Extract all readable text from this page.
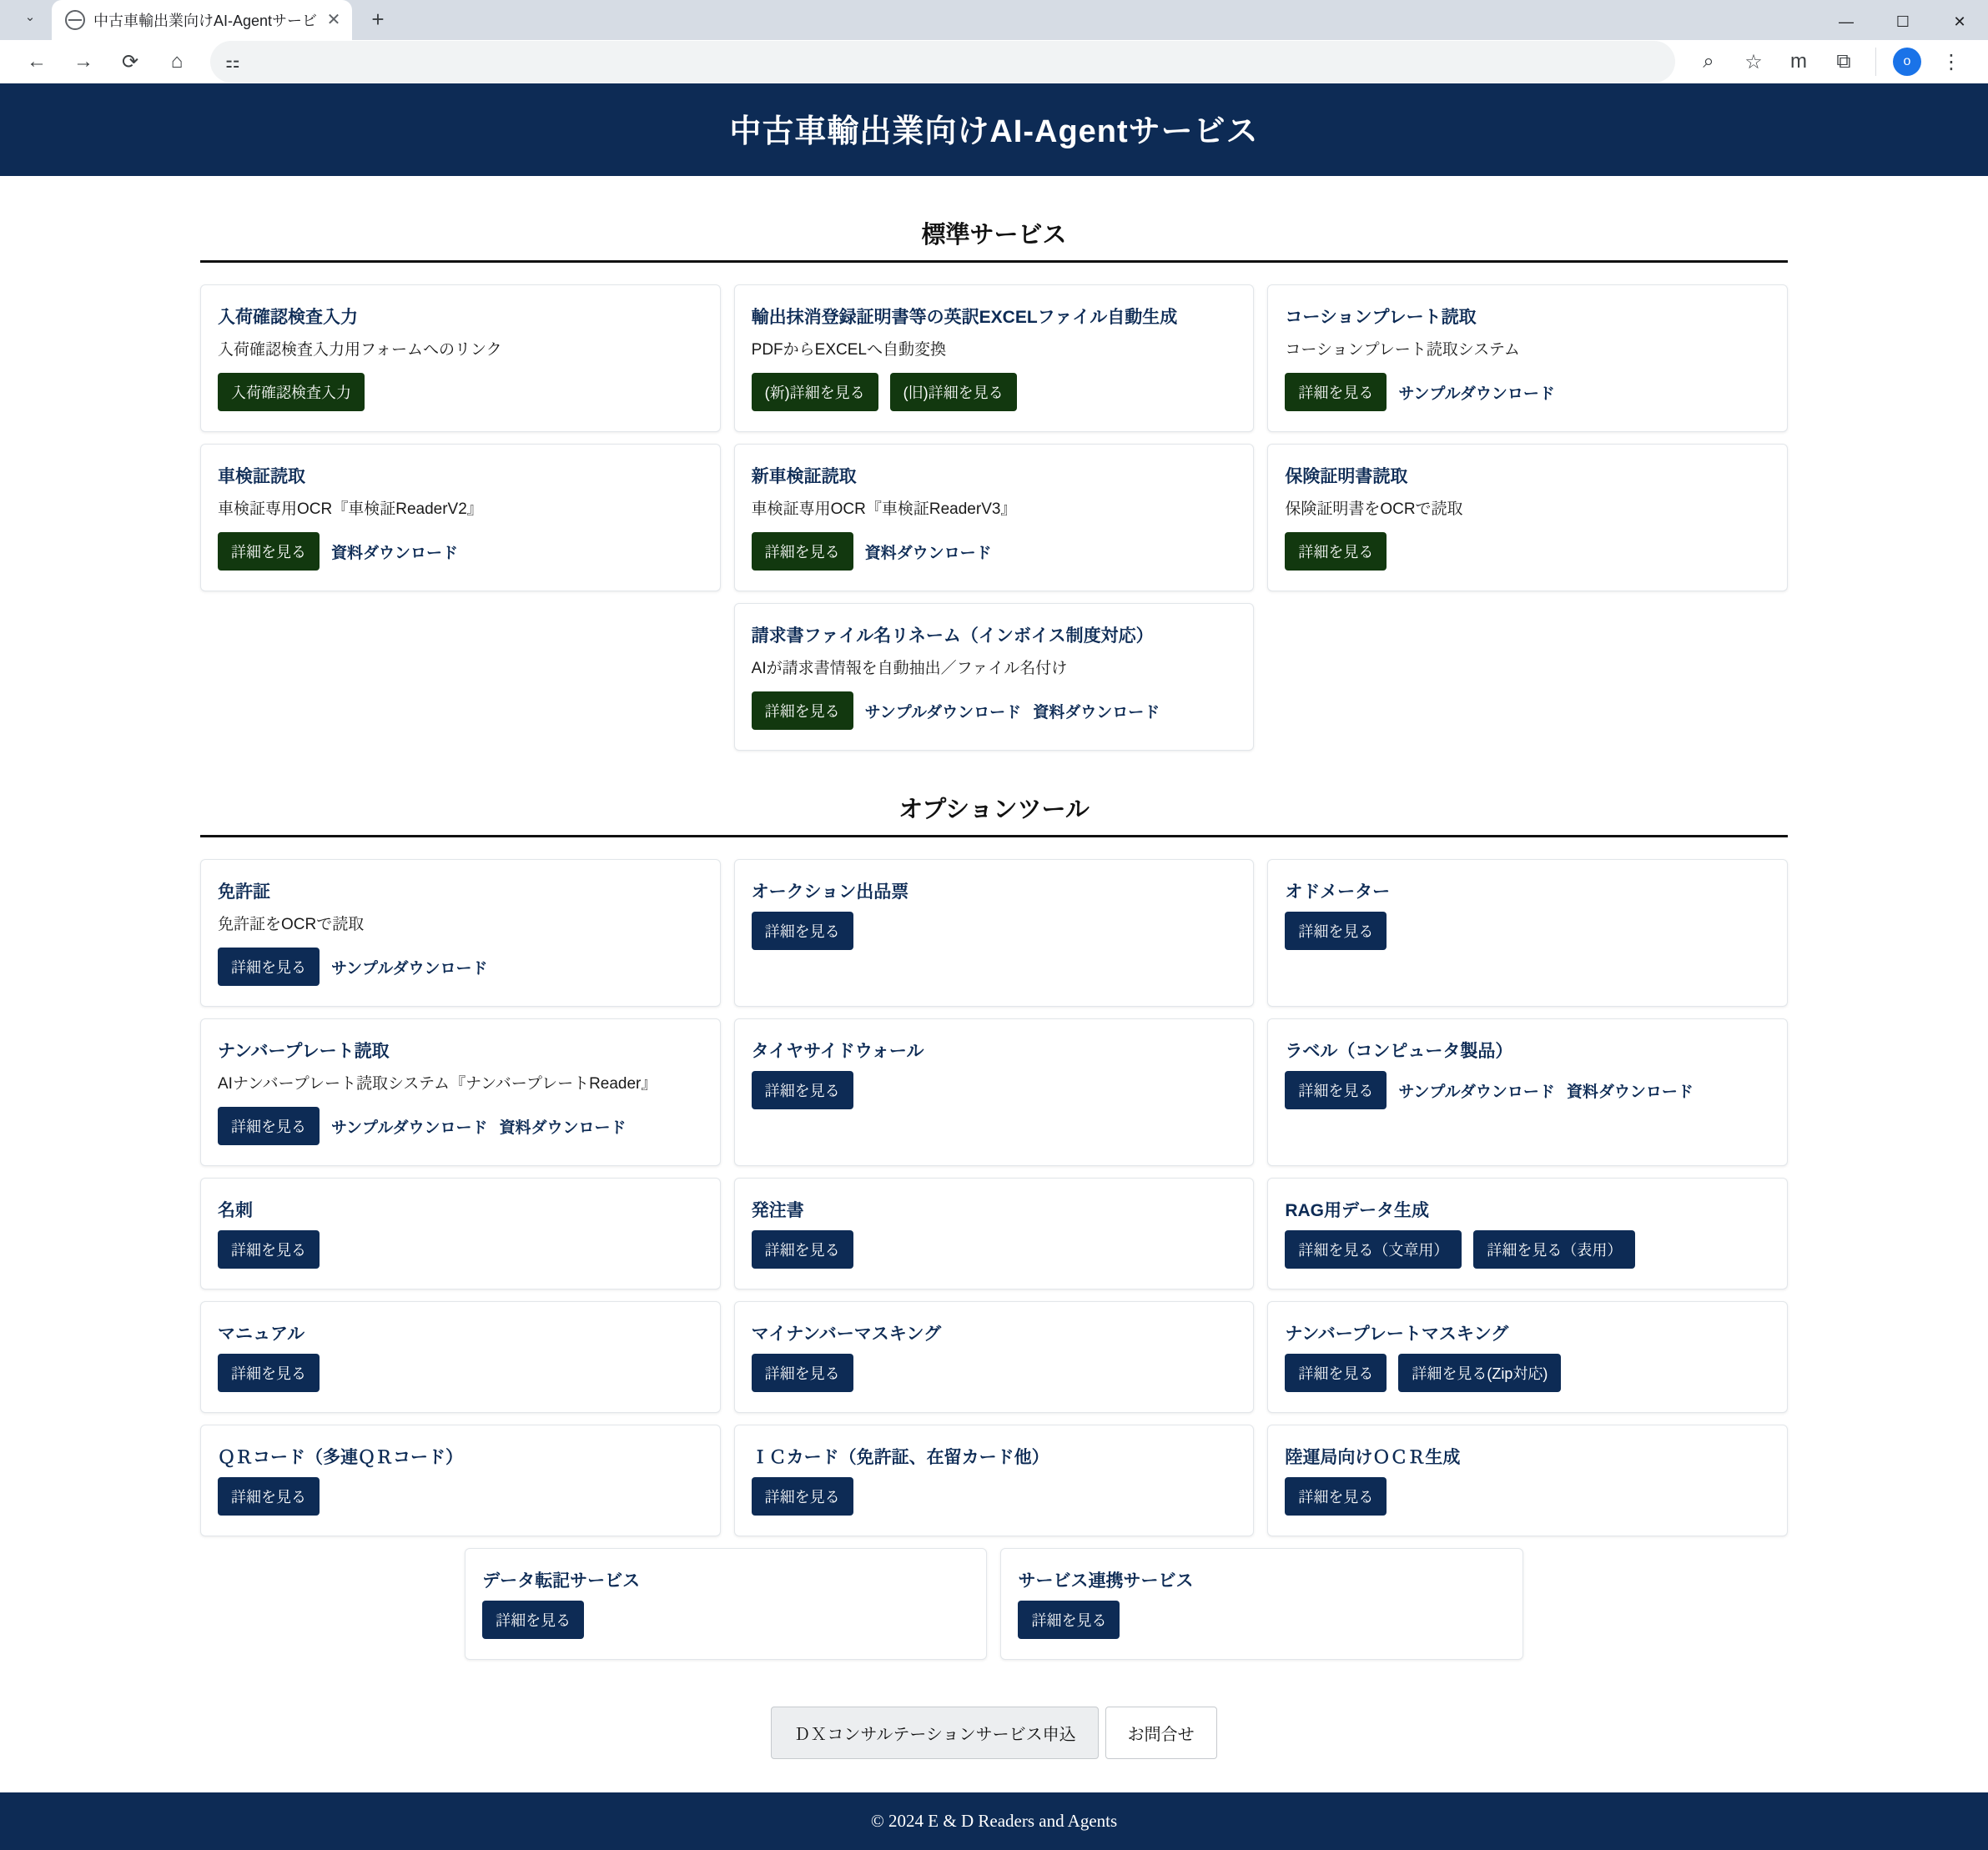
⌄	中古車輸出業向けAI-Agentサービ ✕	+	―	☐	✕
←	→	⟳	⌂	⚏	⌕	☆	m	⧉	o	⋮
中古車輸出業向けAI-Agentサービス
標準サービス
入荷確認検査入力
入荷確認検査入力用フォームへのリンク
入荷確認検査入力
輸出抹消登録証明書等の英訳EXCELファイル自動生成
PDFからEXCELへ自動変換
(新)詳細を見る	(旧)詳細を見る
コーションプレート読取
コーションプレート読取システム
詳細を見る	サンプルダウンロード
車検証読取
車検証専用OCR『車検証ReaderV2』
詳細を見る	資料ダウンロード
新車検証読取
車検証専用OCR『車検証ReaderV3』
詳細を見る	資料ダウンロード
保険証明書読取
保険証明書をOCRで読取
詳細を見る
請求書ファイル名リネーム（インボイス制度対応）
AIが請求書情報を自動抽出／ファイル名付け
詳細を見る	サンプルダウンロード 資料ダウンロード
オプションツール
免許証
免許証をOCRで読取
詳細を見る	サンプルダウンロード
オークション出品票
詳細を見る
オドメーター
詳細を見る
ナンバープレート読取
AIナンバープレート読取システム『ナンバープレートReader』
詳細を見る	サンプルダウンロード 資料ダウンロード
タイヤサイドウォール
詳細を見る
ラベル（コンピュータ製品）
詳細を見る	サンプルダウンロード 資料ダウンロード
名刺
詳細を見る
発注書
詳細を見る
RAG用データ生成
詳細を見る（文章用）	詳細を見る（表用）
マニュアル
詳細を見る
マイナンバーマスキング
詳細を見る
ナンバープレートマスキング
詳細を見る	詳細を見る(Zip対応)
ＱＲコード（多連ＱＲコード）
詳細を見る
ＩＣカード（免許証、在留カード他）
詳細を見る
陸運局向けＯＣＲ生成
詳細を見る
データ転記サービス
詳細を見る
サービス連携サービス
詳細を見る
ＤＸコンサルテーションサービス申込	お問合せ
© 2024 E & D Readers and Agents
